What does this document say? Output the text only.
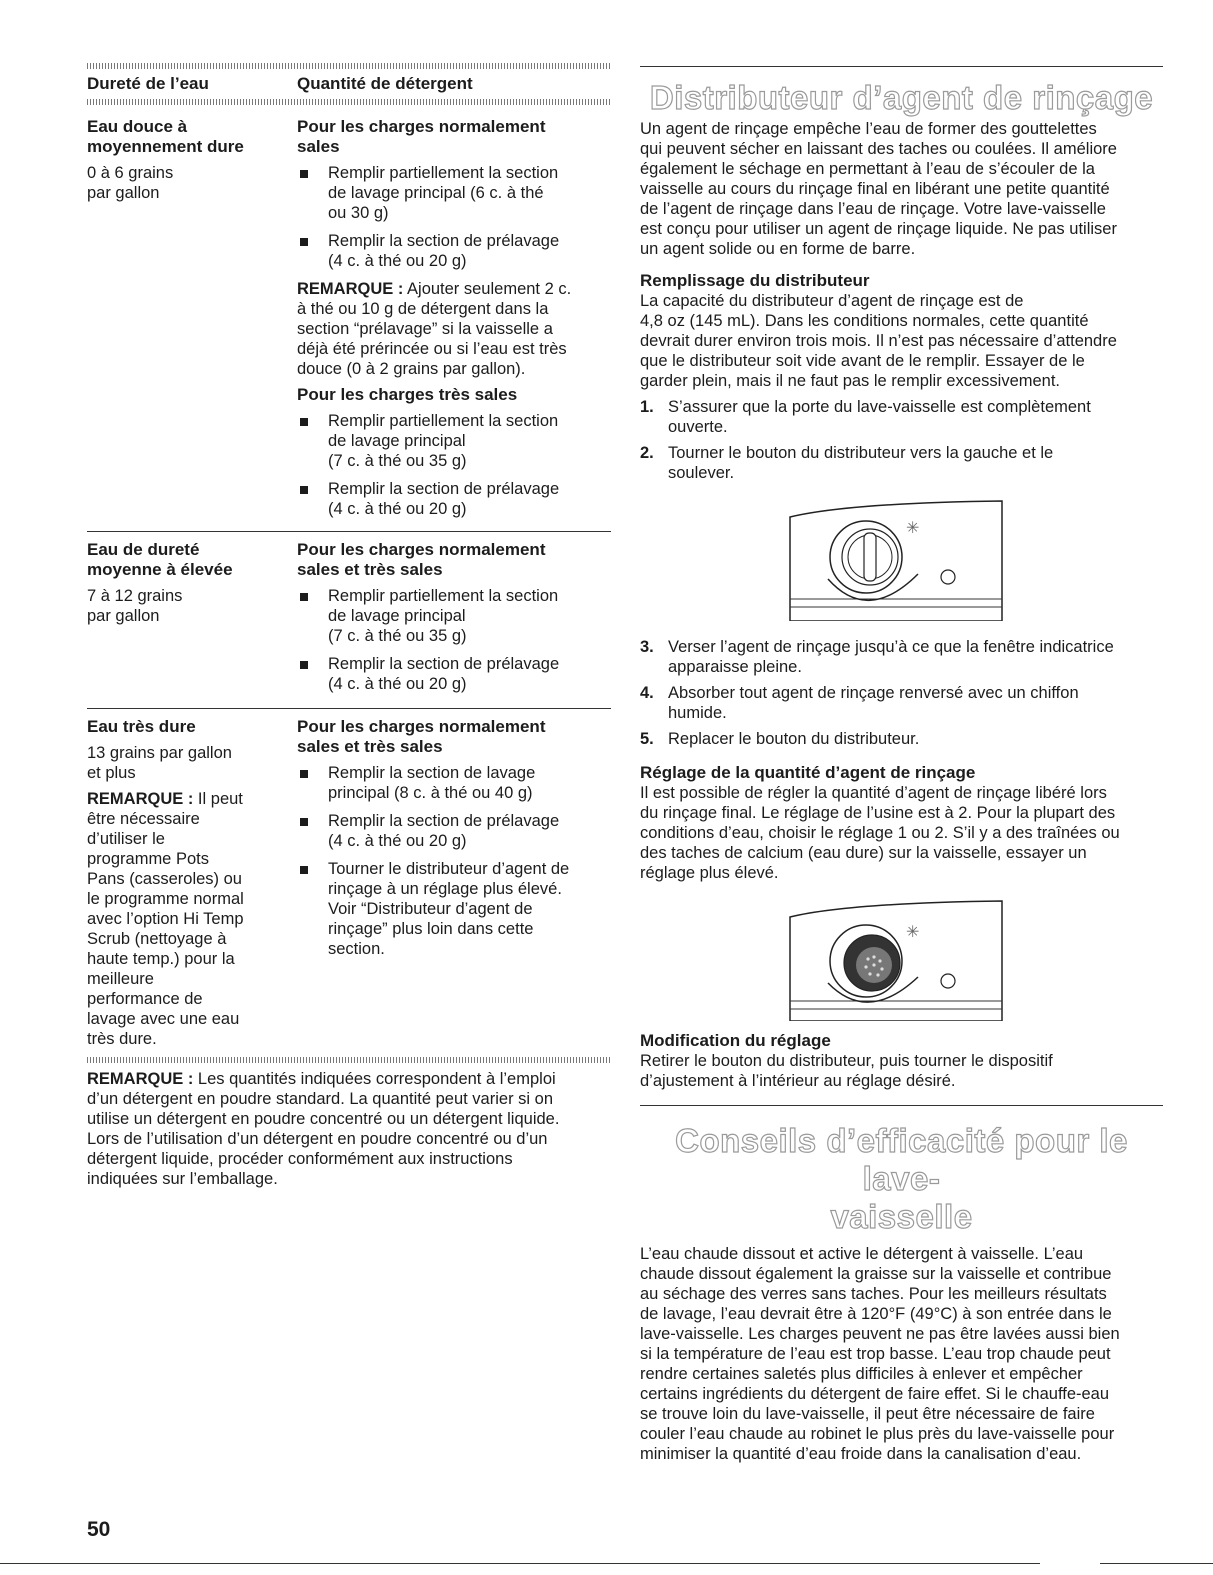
Dureté de l’eau	Quantité de détergent
Eau douce à
moyennement dure
0 à 6 grains
par gallon
Pour les charges normalement
sales
Remplir partiellement la section
de lavage principal (6 c. à thé
ou 30 g)
Remplir la section de prélavage
(4 c. à thé ou 20 g)
REMARQUE : Ajouter seulement 2 c.
à thé ou 10 g de détergent dans la
section “prélavage” si la vaisselle a
déjà été prérincée ou si l’eau est très
douce (0 à 2 grains par gallon).
Pour les charges très sales
Remplir partiellement la section
de lavage principal
(7 c. à thé ou 35 g)
Remplir la section de prélavage
(4 c. à thé ou 20 g)
Eau de dureté
moyenne à élevée
7 à 12 grains
par gallon
Pour les charges normalement
sales et très sales
Remplir partiellement la section
de lavage principal
(7 c. à thé ou 35 g)
Remplir la section de prélavage
(4 c. à thé ou 20 g)
Eau très dure
13 grains par gallon
et plus
REMARQUE : Il peut
être nécessaire
d’utiliser le
programme Pots
Pans (casseroles) ou
le programme normal
avec l’option Hi Temp
Scrub (nettoyage à
haute temp.) pour la
meilleure
performance de
lavage avec une eau
très dure.
Pour les charges normalement
sales et très sales
Remplir la section de lavage
principal (8 c. à thé ou 40 g)
Remplir la section de prélavage
(4 c. à thé ou 20 g)
Tourner le distributeur d’agent de
rinçage à un réglage plus élevé.
Voir “Distributeur d’agent de
rinçage” plus loin dans cette
section.
REMARQUE : Les quantités indiquées correspondent à l’emploi
d’un détergent en poudre standard. La quantité peut varier si on
utilise un détergent en poudre concentré ou un détergent liquide.
Lors de l’utilisation d’un détergent en poudre concentré ou d’un
détergent liquide, procéder conformément aux instructions
indiquées sur l’emballage.
50
Distributeur d’agent de rinçage
Un agent de rinçage empêche l’eau de former des gouttelettes
qui peuvent sécher en laissant des taches ou coulées. Il améliore
également le séchage en permettant à l’eau de s’écouler de la
vaisselle au cours du rinçage final en libérant une petite quantité
de l’agent de rinçage dans l’eau de rinçage. Votre lave-vaisselle
est conçu pour utiliser un agent de rinçage liquide. Ne pas utiliser
un agent solide ou en forme de barre.
Remplissage du distributeur
La capacité du distributeur d’agent de rinçage est de
4,8 oz (145 mL). Dans les conditions normales, cette quantité
devrait durer environ trois mois. Il n’est pas nécessaire d’attendre
que le distributeur soit vide avant de le remplir. Essayer de le
garder plein, mais il ne faut pas le remplir excessivement.
1. S’assurer que la porte du lave-vaisselle est complètement
ouverte.
2. Tourner le bouton du distributeur vers la gauche et le
soulever.
✳
3. Verser l’agent de rinçage jusqu’à ce que la fenêtre indicatrice
apparaisse pleine.
4. Absorber tout agent de rinçage renversé avec un chiffon
humide.
5. Replacer le bouton du distributeur.
Réglage de la quantité d’agent de rinçage
Il est possible de régler la quantité d’agent de rinçage libéré lors
du rinçage final. Le réglage de l’usine est à 2. Pour la plupart des
conditions d’eau, choisir le réglage 1 ou 2. S’il y a des traînées ou
des taches de calcium (eau dure) sur la vaisselle, essayer un
réglage plus élevé.
✳
Modification du réglage
Retirer le bouton du distributeur, puis tourner le dispositif
d’ajustement à l’intérieur au réglage désiré.
Conseils d’efficacité pour le lave-
vaisselle
L’eau chaude dissout et active le détergent à vaisselle. L’eau
chaude dissout également la graisse sur la vaisselle et contribue
au séchage des verres sans taches. Pour les meilleurs résultats
de lavage, l’eau devrait être à 120°F (49°C) à son entrée dans le
lave-vaisselle. Les charges peuvent ne pas être lavées aussi bien
si la température de l’eau est trop basse. L’eau trop chaude peut
rendre certaines saletés plus difficiles à enlever et empêcher
certains ingrédients du détergent de faire effet. Si le chauffe-eau
se trouve loin du lave-vaisselle, il peut être nécessaire de faire
couler l’eau chaude au robinet le plus près du lave-vaisselle pour
minimiser la quantité d’eau froide dans la canalisation d’eau.
